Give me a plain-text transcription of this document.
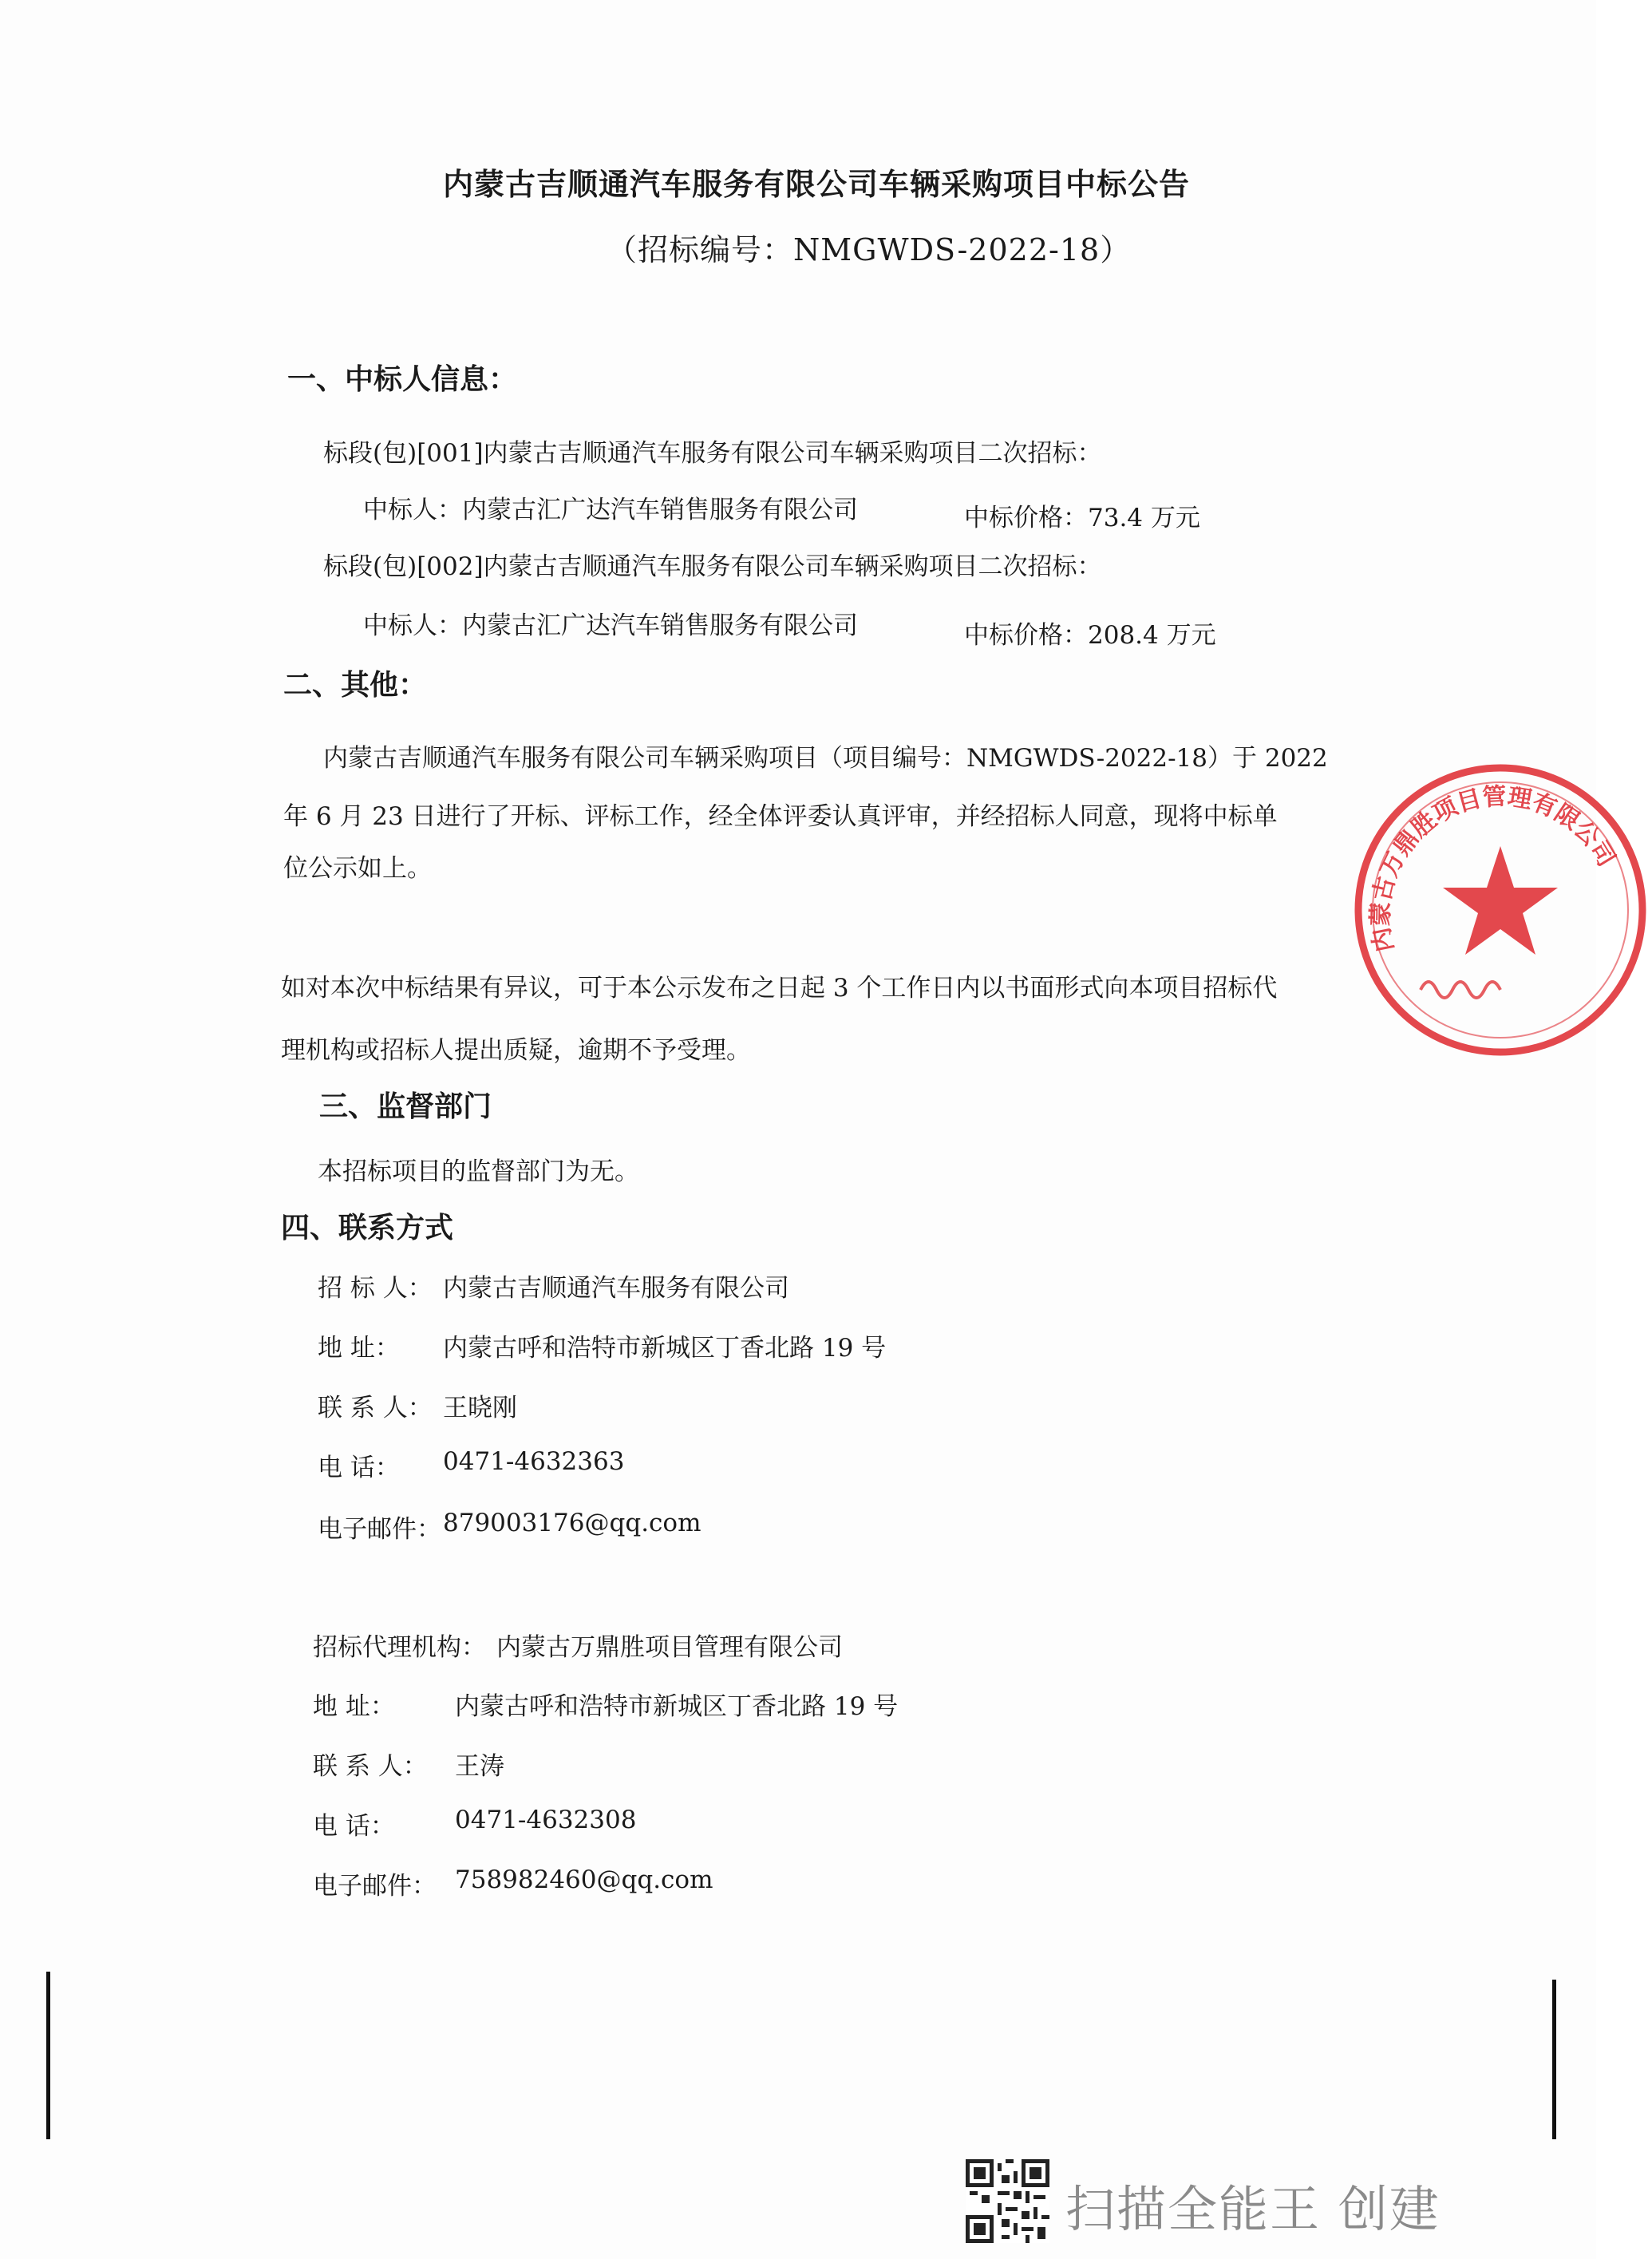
内蒙古吉顺通汽车服务有限公司车辆采购项目中标公告
（招标编号：NMGWDS-2022-18）
一、中标人信息：
标段(包)[001]内蒙古吉顺通汽车服务有限公司车辆采购项目二次招标：
中标人：内蒙古汇广达汽车销售服务有限公司	中标价格：73.4 万元
标段(包)[002]内蒙古吉顺通汽车服务有限公司车辆采购项目二次招标：
中标人：内蒙古汇广达汽车销售服务有限公司	中标价格：208.4 万元
二、其他：
内蒙古吉顺通汽车服务有限公司车辆采购项目（项目编号：NMGWDS-2022-18）于 2022
年 6 月 23 日进行了开标、评标工作，经全体评委认真评审，并经招标人同意，现将中标单
位公示如上。
如对本次中标结果有异议，可于本公示发布之日起 3 个工作日内以书面形式向本项目招标代
理机构或招标人提出质疑，逾期不予受理。
三、监督部门
本招标项目的监督部门为无。
四、联系方式
招 标 人： 内蒙古吉顺通汽车服务有限公司
地 址： 内蒙古呼和浩特市新城区丁香北路 19 号
联 系 人： 王晓刚
电 话： 0471-4632363
电子邮件： 879003176@qq.com
招标代理机构： 内蒙古万鼎胜项目管理有限公司
地 址： 内蒙古呼和浩特市新城区丁香北路 19 号
联 系 人： 王涛
电 话： 0471-4632308
电子邮件： 758982460@qq.com
内蒙古万鼎胜项目管理有限公司
扫描全能王 创建
